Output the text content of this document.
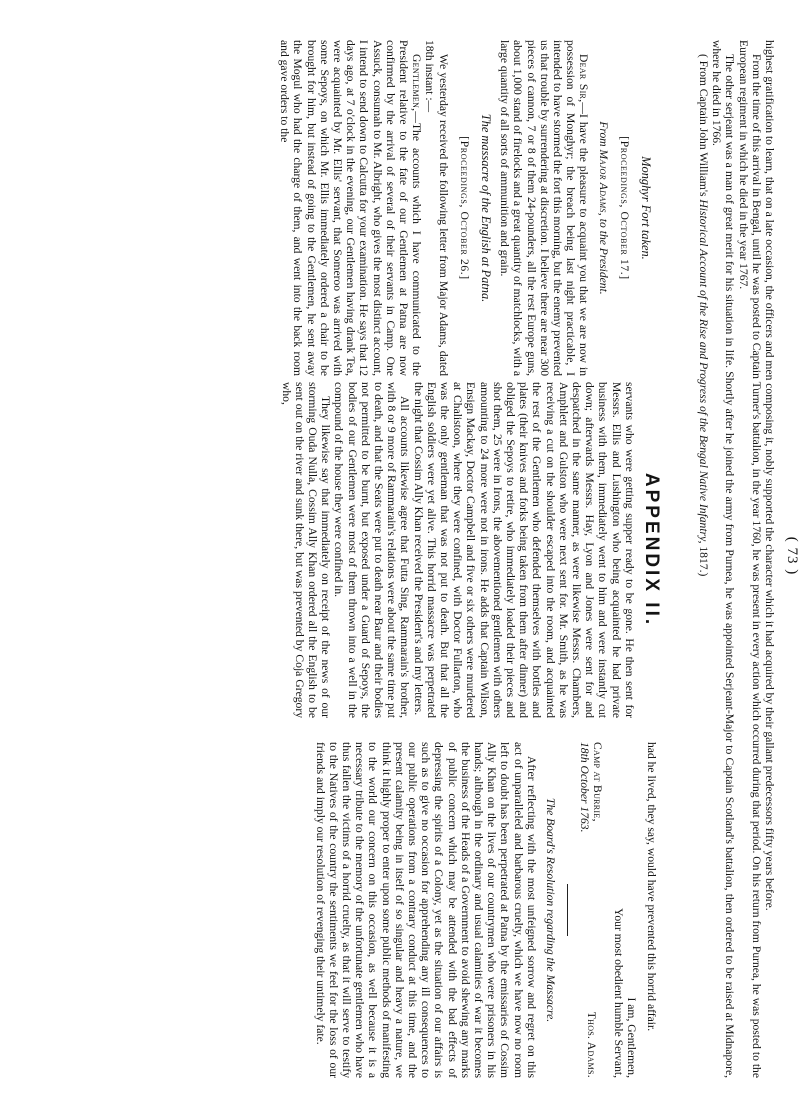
( 73 )

highest gratification to learn, that on a late occasion, the officers and men composing it, nobly supported the character which it had acquired by their gallant predecessors fifty years before.

From the time of this arrival in Bengal, until he was posted to Captain Turner's battalion, in the year 1760, he was present in every action which occurred during that period. On his return from Purnea, he was posted to the European regiment in which he died in the year 1767.

The other serjeant was a man of great merit for his situation in life. Shortly after he joined the army from Purnea, he was appointed Serjeant-Major to Captain Scotland's battalion, then ordered to be raised at Midnapore, where he died in 1766.

( From Captain John William's Historical Account of the Rise and Progress of the Bengal Native Infantry, 1817.)

Monghyr Fort taken.

[Proceedings, October 17.]

From Major Adams, to the President.

Dear Sir,—I have the pleasure to acquaint you that we are now in possession of Monghyr; the breach being last night practicable, I intended to have stormed the fort this morning, but the enemy prevented us that trouble by surrendering at discretion. I believe there are near 300 pieces of cannon, 7 or 8 of them 24-pounders, all the rest Europe guns, about 1,000 stand of firelocks and a great quantity of matchlocks, with a large quantity of all sorts of ammunition and grain.

The massacre of the English at Patna.

[Proceedings, October 26.]

We yesterday received the following letter from Major Adams, dated 18th instant :—

Gentlemen,—The accounts which I have communicated to the President relative to the fate of our Gentlemen at Patna are now confirmed by the arrival of several of their servants in Camp. One Assuck, consumah to Mr. Albright, who gives the most distinct account, I intend to send down to Calcutta for your examination. He says that 12 days ago, at 7 o'clock in the evening, our Gentlemen having drank Tea, were acquainted by Mr. Ellis' servant, that Someroo was arrived with some Sepoys, on which Mr. Ellis immediately ordered a chair to be brought for him, but instead of going to the Gentlemen, he sent away the Mogul who had the charge of them, and went into the back room and gave orders to the

APPENDIX II.

servants who were getting supper ready to be gone. He then sent for Messrs. Ellis and Lushington who being acquainted he had private business with them, immediately went to him and were instantly cut down; afterwards Messrs. Hay, Lyon and Jones were sent for and despatched in the same manner, as were likewise Messrs. Chambers, Amphlett and Gulston who were next sent for. Mr. Smith, as he was receiving a cut on the shoulder escaped into the room, and acquainted the rest of the Gentlemen who defended themselves with bottles and plates (their knives and forks being taken from them after dinner) and obliged the Sepoys to retire, who immediately loaded their pieces and shot them, 25 were in Irons, the abovementioned gentlemen with others amounting to 24 more were not in irons. He adds that Captain Wilson, Ensign Mackay, Doctor Campbell and five or six others were murdered at Chalistoon, where they were confined, with Doctor Fullarton, who was the only gentleman that was not put to death. But that all the English soldiers were yet alive. This horrid massacre was perpetrated the night that Cossim Ally Khan received the President's and my letters.

All accounts likewise agree that Futta Sing, Rammarain's brother, with 8 or 9 more of Rammarain's relations were about the same time put to death, and that the Seats were put to death near Baur and their bodies not permitted to be burnt, but exposed under a Guard of Sepoys, the bodies of our Gentlemen were most of them thrown into a well in the compound of the house they were confined in.

They likewise say that immediately on receipt of the news of our storming Ouda Nulla, Cossim Ally Khan ordered all the English to be sent out on the river and sunk there, but was prevented by Coja Gregory who,

had he lived, they say, would have prevented this horrid affair.

I am, Gentlemen,

Your most obedient humble Servant,

Camp at Burrie,

18th October 1763.

Thos. Adams.

The Board's Resolution regarding the Massacre.

After reflecting with the most unfeigned sorrow and regret on this act of unparalleled and barbarous cruelty, which we have now no room left to doubt has been perpetrated at Patna by the emissaries of Cossim Ally Khan on the lives of our countrymen who were prisoners in his hands; although in the ordinary and usual calamities of war it becomes the business of the Heads of a Government to avoid shewing any marks of public concern which may be attended with the bad effects of depressing the spirits of a Colony, yet as the situation of our affairs is such as to give no occasion for apprehending any ill consequences to our public operations from a contrary conduct at this time, and the present calamity being in itself of so singular and heavy a nature, we think it highly proper to enter upon some public methods of manifesting to the world our concern on this occasion, as well because it is a necessary tribute to the memory of the unfortunate gentlemen who have thus fallen the victims of a horrid cruelty, as that it will serve to testify to the Natives of the country the sentiments we feel for the loss of our friends and imply our resolution of revenging their untimely fate.
